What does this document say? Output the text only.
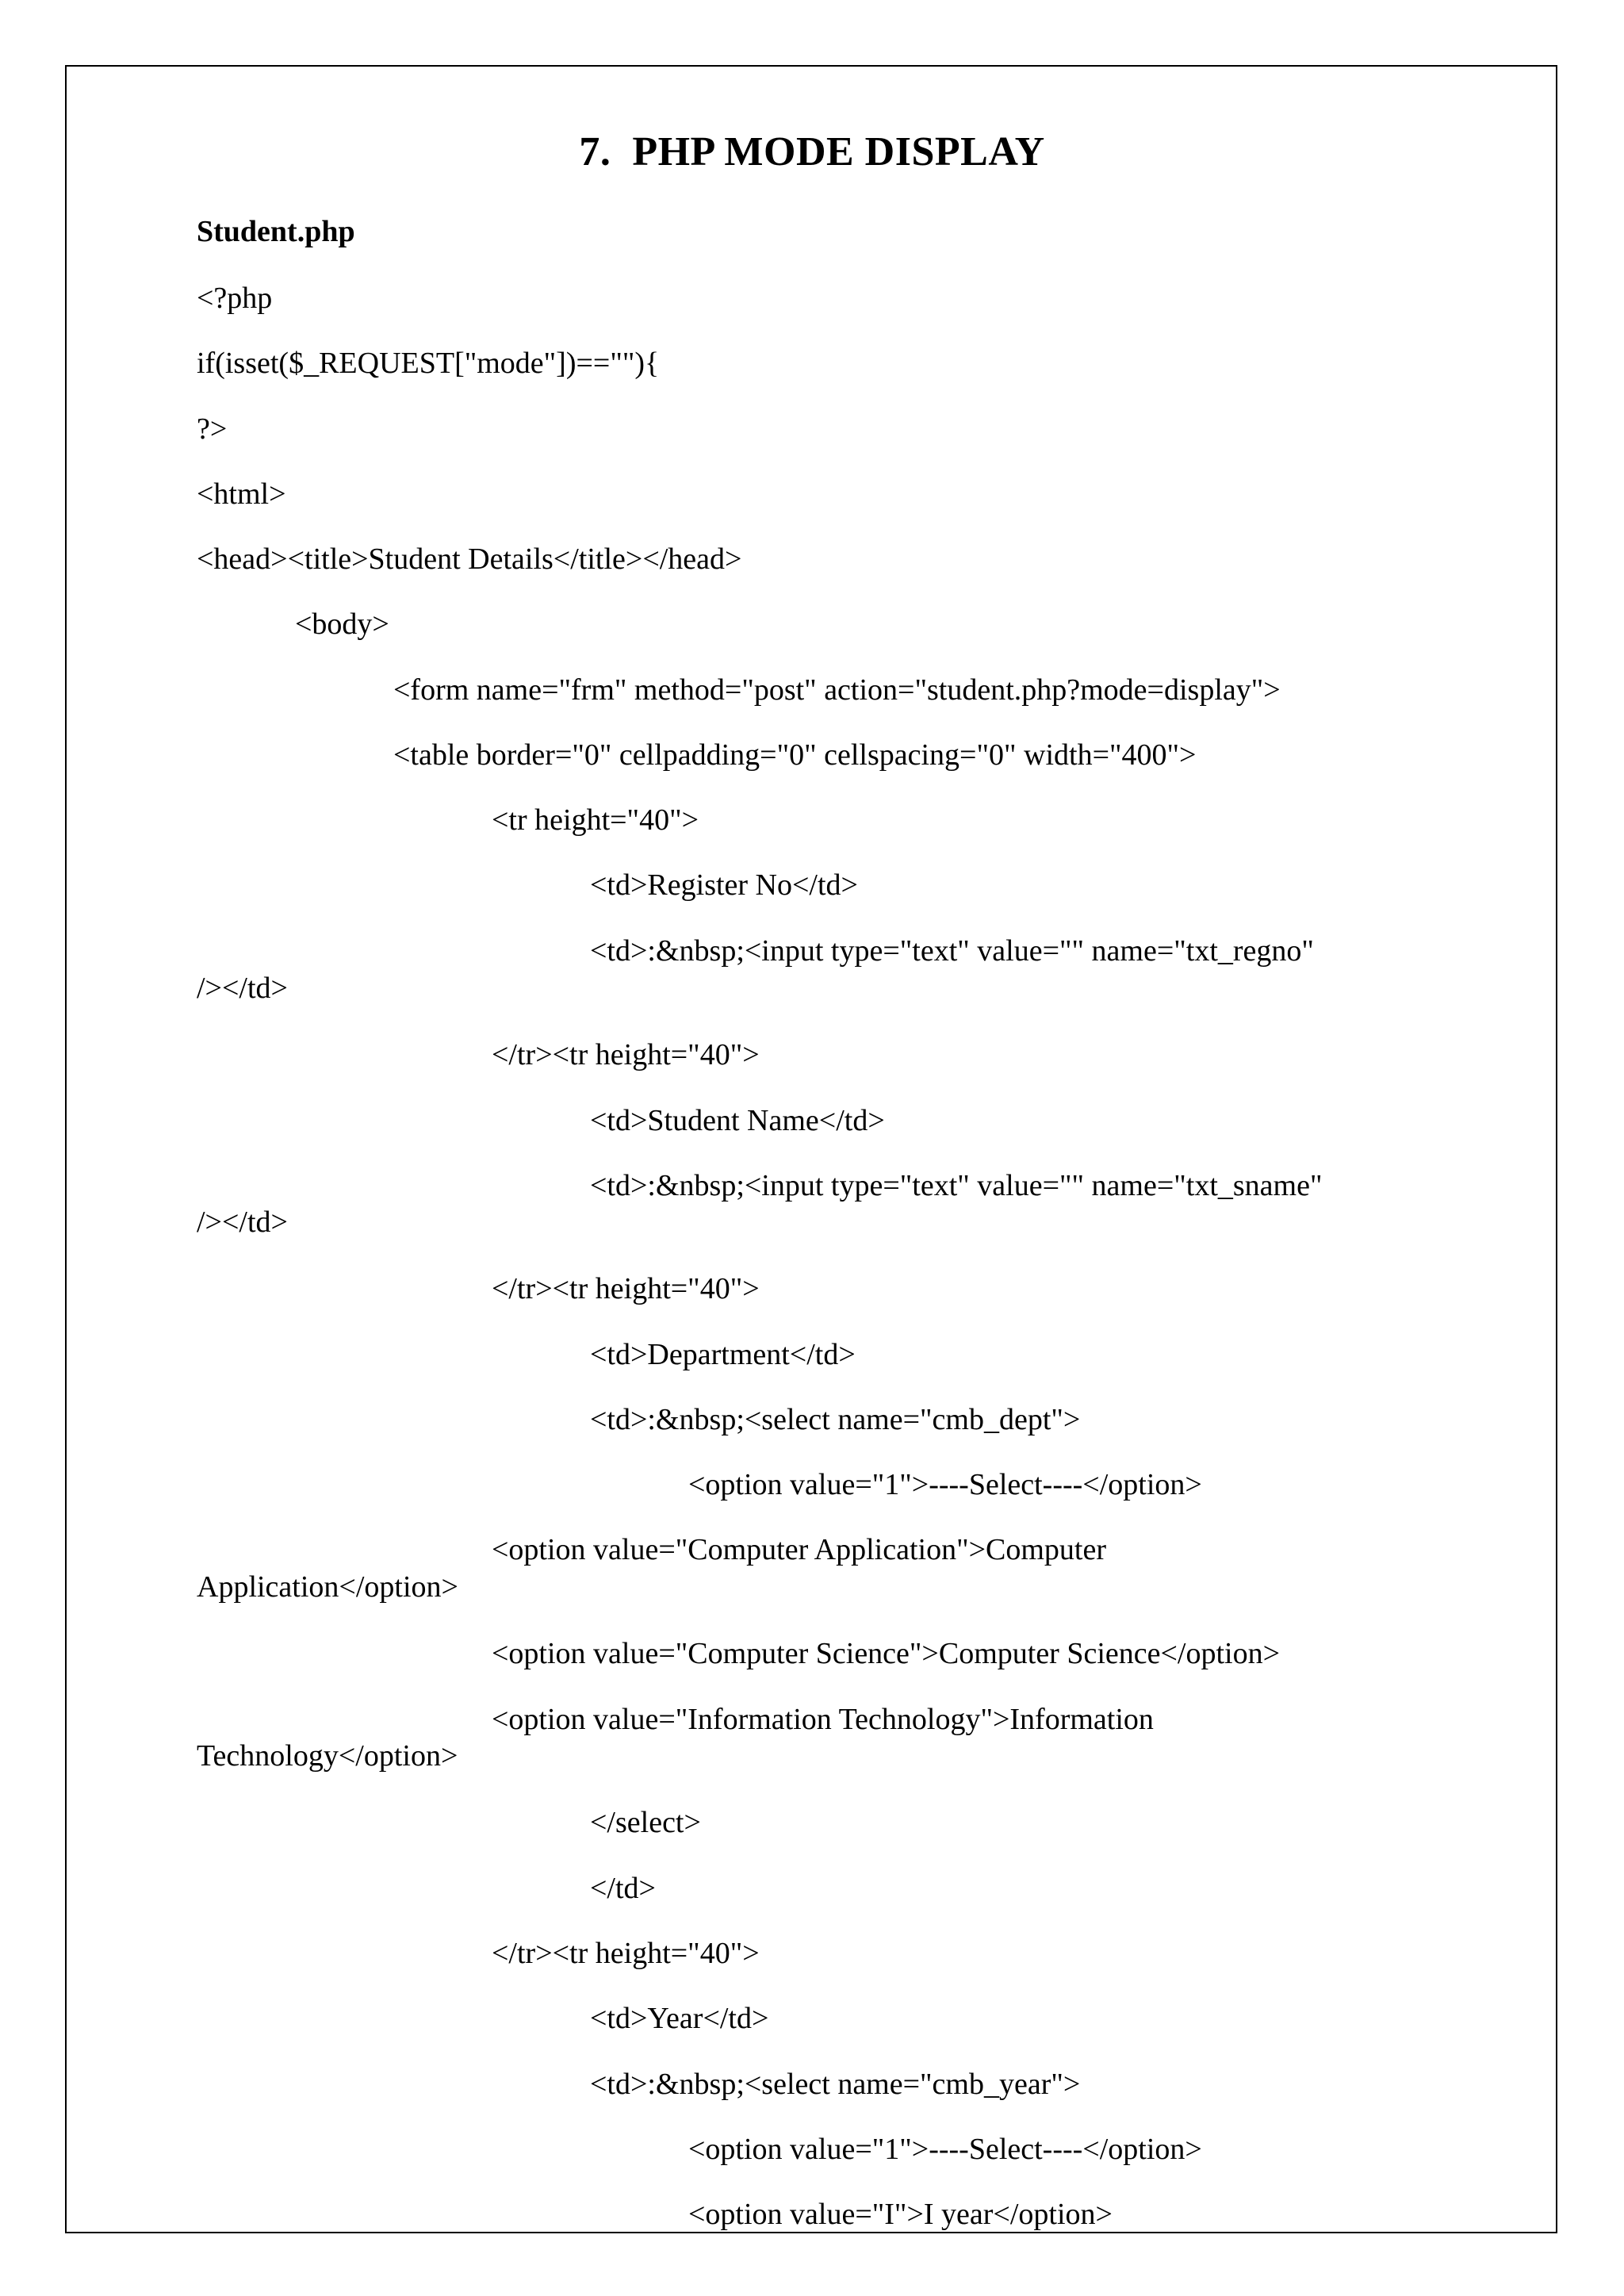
7.  PHP MODE DISPLAY
Student.php
<?php
if(isset($_REQUEST["mode"])==""){
?>
<html>
<head><title>Student Details</title></head>
<body>
<form name="frm" method="post" action="student.php?mode=display">
<table border="0" cellpadding="0" cellspacing="0" width="400">
<tr height="40">
<td>Register No</td>
<td>:&nbsp;<input type="text" value="" name="txt_regno"
/></td>
</tr><tr height="40">
<td>Student Name</td>
<td>:&nbsp;<input type="text" value="" name="txt_sname"
/></td>
</tr><tr height="40">
<td>Department</td>
<td>:&nbsp;<select name="cmb_dept">
<option value="1">----Select----</option>
<option value="Computer Application">Computer
Application</option>
<option value="Computer Science">Computer Science</option>
<option value="Information Technology">Information
Technology</option>
</select>
</td>
</tr><tr height="40">
<td>Year</td>
<td>:&nbsp;<select name="cmb_year">
<option value="1">----Select----</option>
<option value="I">I year</option>
